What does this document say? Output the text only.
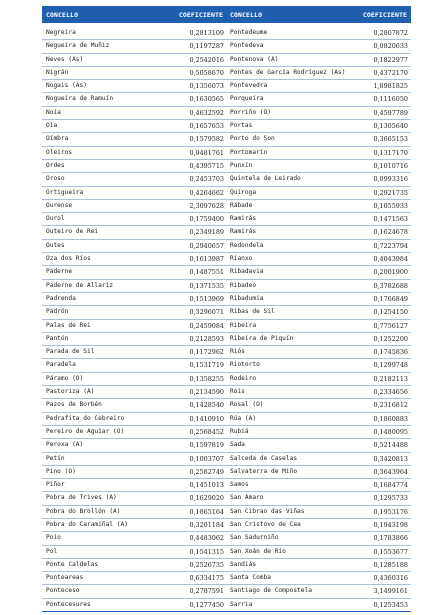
CONCELLO	COEFICIENTE
Negreira	0,2813109
Negueira de Muñiz	0,1197287
Neves (As)	0,2542016
Nigrán	0,5058670
Nogais (As)	0,1356073
Nogueira de Ramuín	0,1630565
Noia	0,4632592
Oia	0,1657653
Oímbra	0,1579582
Oleiros	0,9481761
Ordes	0,4395715
Oroso	0,2453703
Ortigueira	0,4264662
Ourense	2,3097628
Ourol	0,1759400
Outeiro de Rei	0,2349189
Outes	0,2940657
Oza dos Ríos	0,1613987
Paderne	0,1487551
Paderne de Allariz	0,1371535
Padrenda	0,1513969
Padrón	0,3296071
Palas de Rei	0,2459084
Pantón	0,2128593
Parada de Sil	0,1172962
Paradela	0,1531719
Páramo (O)	0,1358255
Pastoriza (A)	0,2134590
Pazos de Borbén	0,1428540
Pedrafita do Cebreiro	0,1410910
Pereiro de Aguiar (O)	0,2568452
Peroxa (A)	0,1597819
Petín	0,1003707
Pino (O)	0,2582749
Piñor	0,1451013
Pobra de Trives (A)	0,1629020
Pobra do Brollón (A)	0,1865164
Pobra do Caramiñal (A)	0,3201184
Poio	0,4483062
Pol	0,1541315
Ponte Caldelas	0,2526735
Ponteareas	0,6334175
Pontecesо	0,2787591
Pontecesures	0,1277450
CONCELLO	COEFICIENTE
Pontedeume	0,2807872
Pontedeva	0,0820633
Pontenova (A)	0,1822977
Pontes de García Rodríguez (As)	0,4372170
Pontevedra	1,8981825
Porqueira	0,1116050
Porriño (O)	0,4597789
Portas	0,1305640
Porto do Son	0,3665153
Portomarín	0,1317170
Punxín	0,1010716
Quintela de Leirado	0,0993316
Quiroga	0,2921735
Rábade	0,1055933
Ramirás	0,1471563
Ramirás	0,1624678
Redondela	0,7223794
Rianxo	0,4043984
Ribadavia	0,2001900
Ribadeo	0,3782688
Ribadumia	0,1766849
Ribas de Sil	0,1254150
Ribeira	0,7756127
Ribeira de Piquín	0,1252200
Riós	0,1745836
Riotorto	0,1299748
Rodeiro	0,2182113
Rois	0,2334656
Rosal (O)	0,2316812
Rúa (A)	0,1860883
Rubiá	0,1480095
Sada	0,5214488
Salceda de Caselas	0,3420813
Salvaterra de Miño	0,3643964
Samos	0,1684774
San Amaro	0,1295733
San Cibrao das Viñas	0,1953176
San Cristovo de Cea	0,1943198
San Sadurniño	0,1783866
San Xoán de Río	0,1553677
Sandiás	0,1285188
Santa Comba	0,4360316
Santiago de Compostela	3,1499161
Sarria	0,1253453
